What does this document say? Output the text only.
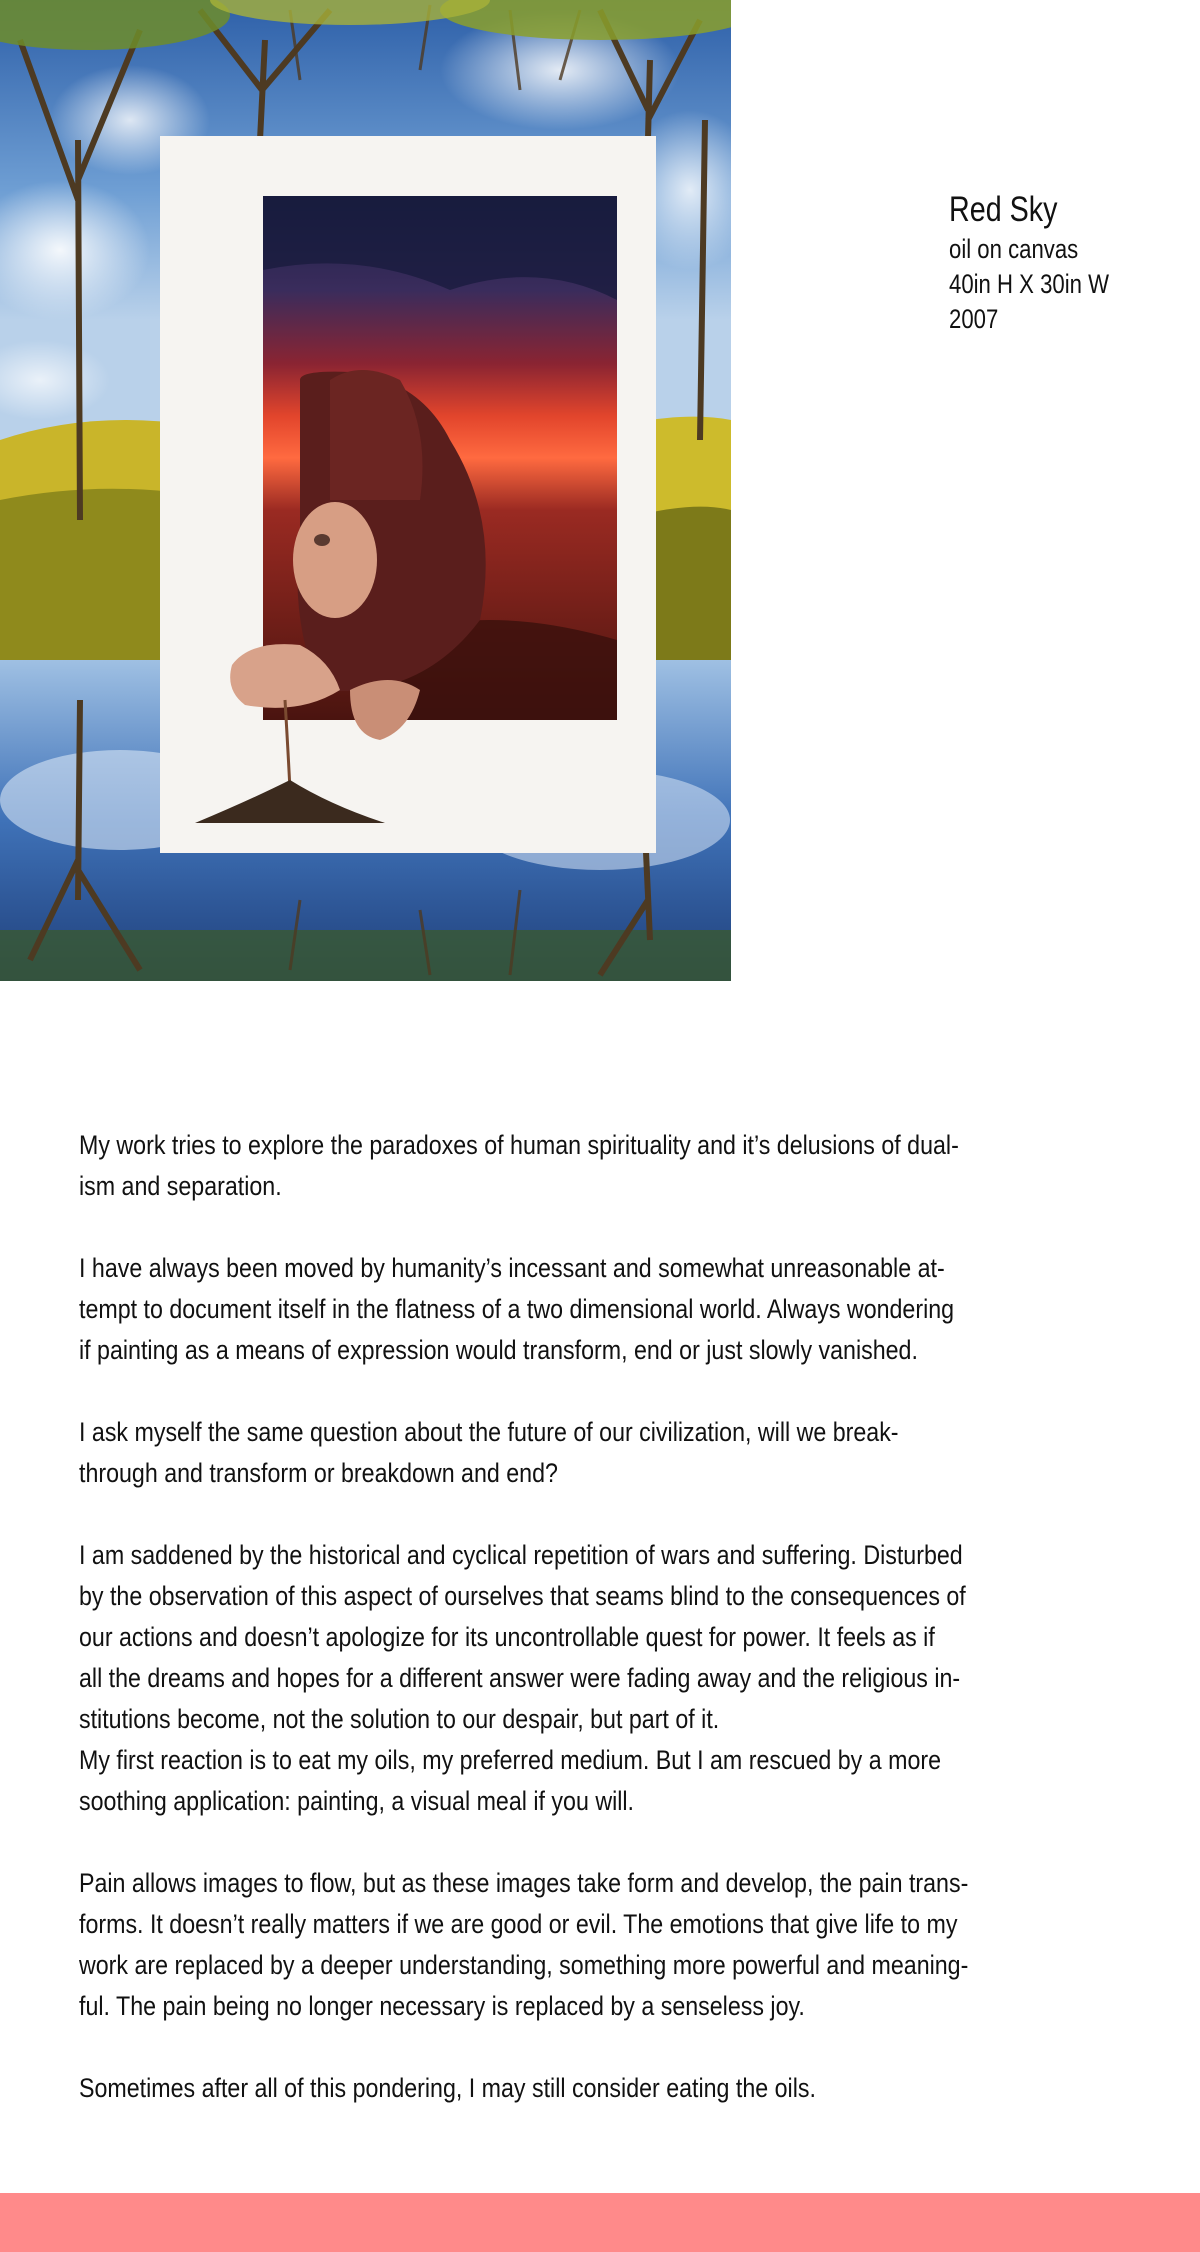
Red Sky
oil on canvas
40in H X 30in W
2007
My work tries to explore the paradoxes of human spirituality and it’s delusions of dual-
ism and separation.
I have always been moved by humanity’s incessant and somewhat unreasonable at-
tempt to document itself in the flatness of a two dimensional world. Always wondering
if painting as a means of expression would transform, end or just slowly vanished.
I ask myself the same question about the future of our civilization, will we break-
through and transform or breakdown and end?
I am saddened by the historical and cyclical repetition of wars and suffering. Disturbed
by the observation of this aspect of ourselves that seams blind to the consequences of
our actions and doesn’t apologize for its uncontrollable quest for power. It feels as if
all the dreams and hopes for a different answer were fading away and the religious in-
stitutions become, not the solution to our despair, but part of it.
My first reaction is to eat my oils, my preferred medium. But I am rescued by a more
soothing application: painting, a visual meal if you will.
Pain allows images to flow, but as these images take form and develop, the pain trans-
forms. It doesn’t really matters if we are good or evil. The emotions that give life to my
work are replaced by a deeper understanding, something more powerful and meaning-
ful. The pain being no longer necessary is replaced by a senseless joy.
Sometimes after all of this pondering, I may still consider eating the oils.
